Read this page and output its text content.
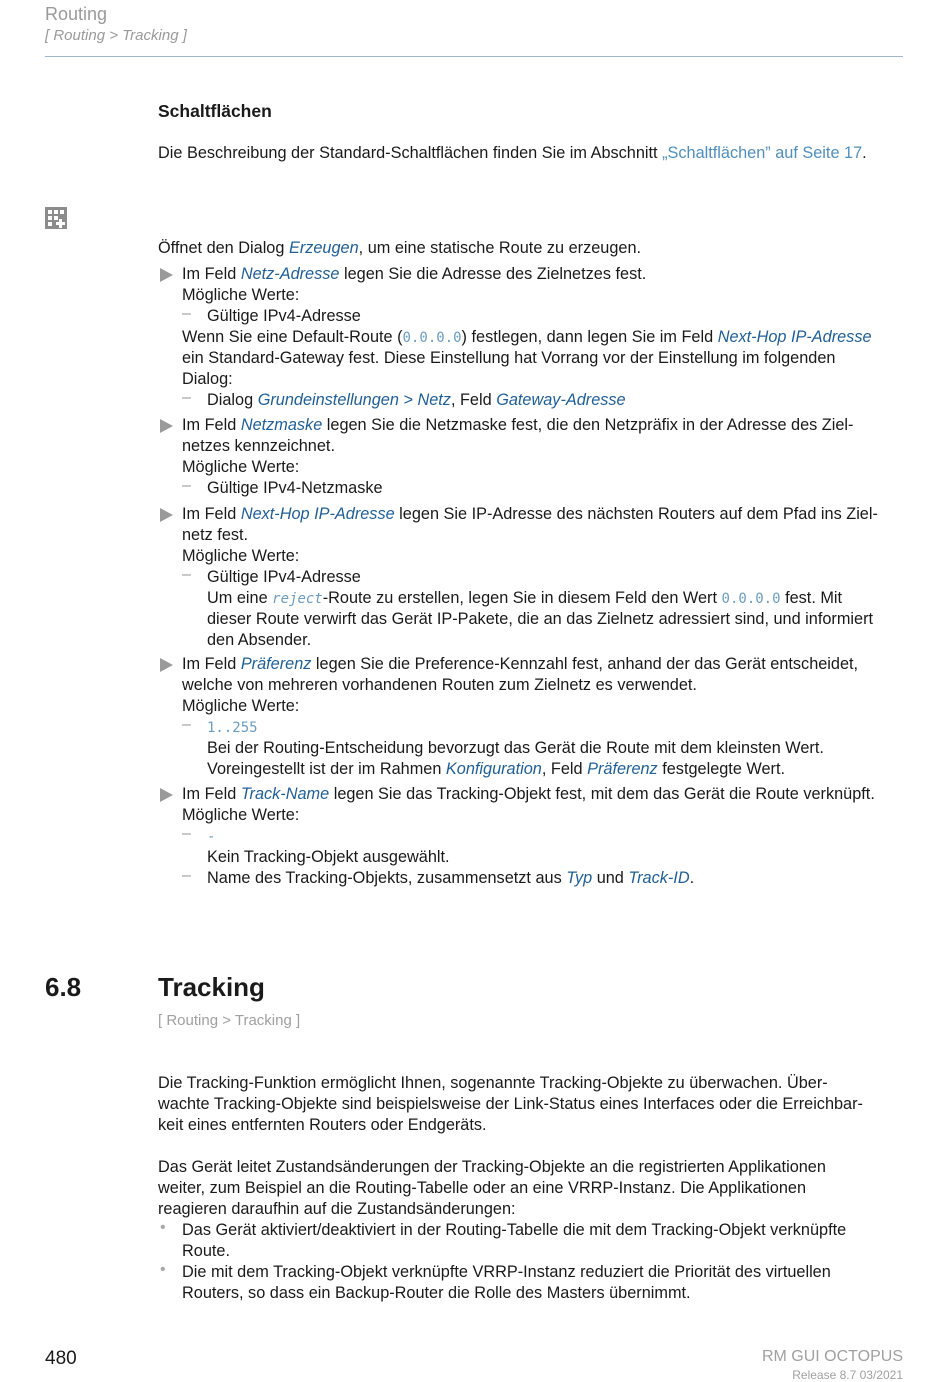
Routing
[ Routing > Tracking ]
Schaltflächen
Die Beschreibung der Standard-Schaltflächen finden Sie im Abschnitt „Schaltflächen” auf Seite 17.
Öffnet den Dialog Erzeugen, um eine statische Route zu erzeugen.
Im Feld Netz-Adresse legen Sie die Adresse des Zielnetzes fest.
Mögliche Werte:
– Gültige IPv4-Adresse
Wenn Sie eine Default-Route (0.0.0.0) festlegen, dann legen Sie im Feld Next-Hop IP-Adresse
ein Standard-Gateway fest. Diese Einstellung hat Vorrang vor der Einstellung im folgenden
Dialog:
– Dialog Grundeinstellungen > Netz, Feld Gateway-Adresse
Im Feld Netzmaske legen Sie die Netzmaske fest, die den Netzpräfix in der Adresse des Ziel-
netzes kennzeichnet.
Mögliche Werte:
– Gültige IPv4-Netzmaske
Im Feld Next-Hop IP-Adresse legen Sie IP-Adresse des nächsten Routers auf dem Pfad ins Ziel-
netz fest.
Mögliche Werte:
– Gültige IPv4-Adresse
Um eine reject-Route zu erstellen, legen Sie in diesem Feld den Wert 0.0.0.0 fest. Mit
dieser Route verwirft das Gerät IP-Pakete, die an das Zielnetz adressiert sind, und informiert
den Absender.
Im Feld Präferenz legen Sie die Preference-Kennzahl fest, anhand der das Gerät entscheidet,
welche von mehreren vorhandenen Routen zum Zielnetz es verwendet.
Mögliche Werte:
– 1..255
Bei der Routing-Entscheidung bevorzugt das Gerät die Route mit dem kleinsten Wert.
Voreingestellt ist der im Rahmen Konfiguration, Feld Präferenz festgelegte Wert.
Im Feld Track-Name legen Sie das Tracking-Objekt fest, mit dem das Gerät die Route verknüpft.
Mögliche Werte:
– -
Kein Tracking-Objekt ausgewählt.
– Name des Tracking-Objekts, zusammensetzt aus Typ und Track-ID.
6.8	Tracking
[ Routing > Tracking ]
Die Tracking-Funktion ermöglicht Ihnen, sogenannte Tracking-Objekte zu überwachen. Über-
wachte Tracking-Objekte sind beispielsweise der Link-Status eines Interfaces oder die Erreichbar-
keit eines entfernten Routers oder Endgeräts.
Das Gerät leitet Zustandsänderungen der Tracking-Objekte an die registrierten Applikationen
weiter, zum Beispiel an die Routing-Tabelle oder an eine VRRP-Instanz. Die Applikationen
reagieren daraufhin auf die Zustandsänderungen:
• Das Gerät aktiviert/deaktiviert in der Routing-Tabelle die mit dem Tracking-Objekt verknüpfte
Route.
• Die mit dem Tracking-Objekt verknüpfte VRRP-Instanz reduziert die Priorität des virtuellen
Routers, so dass ein Backup-Router die Rolle des Masters übernimmt.
480	RM GUI OCTOPUS
Release 8.7 03/2021
